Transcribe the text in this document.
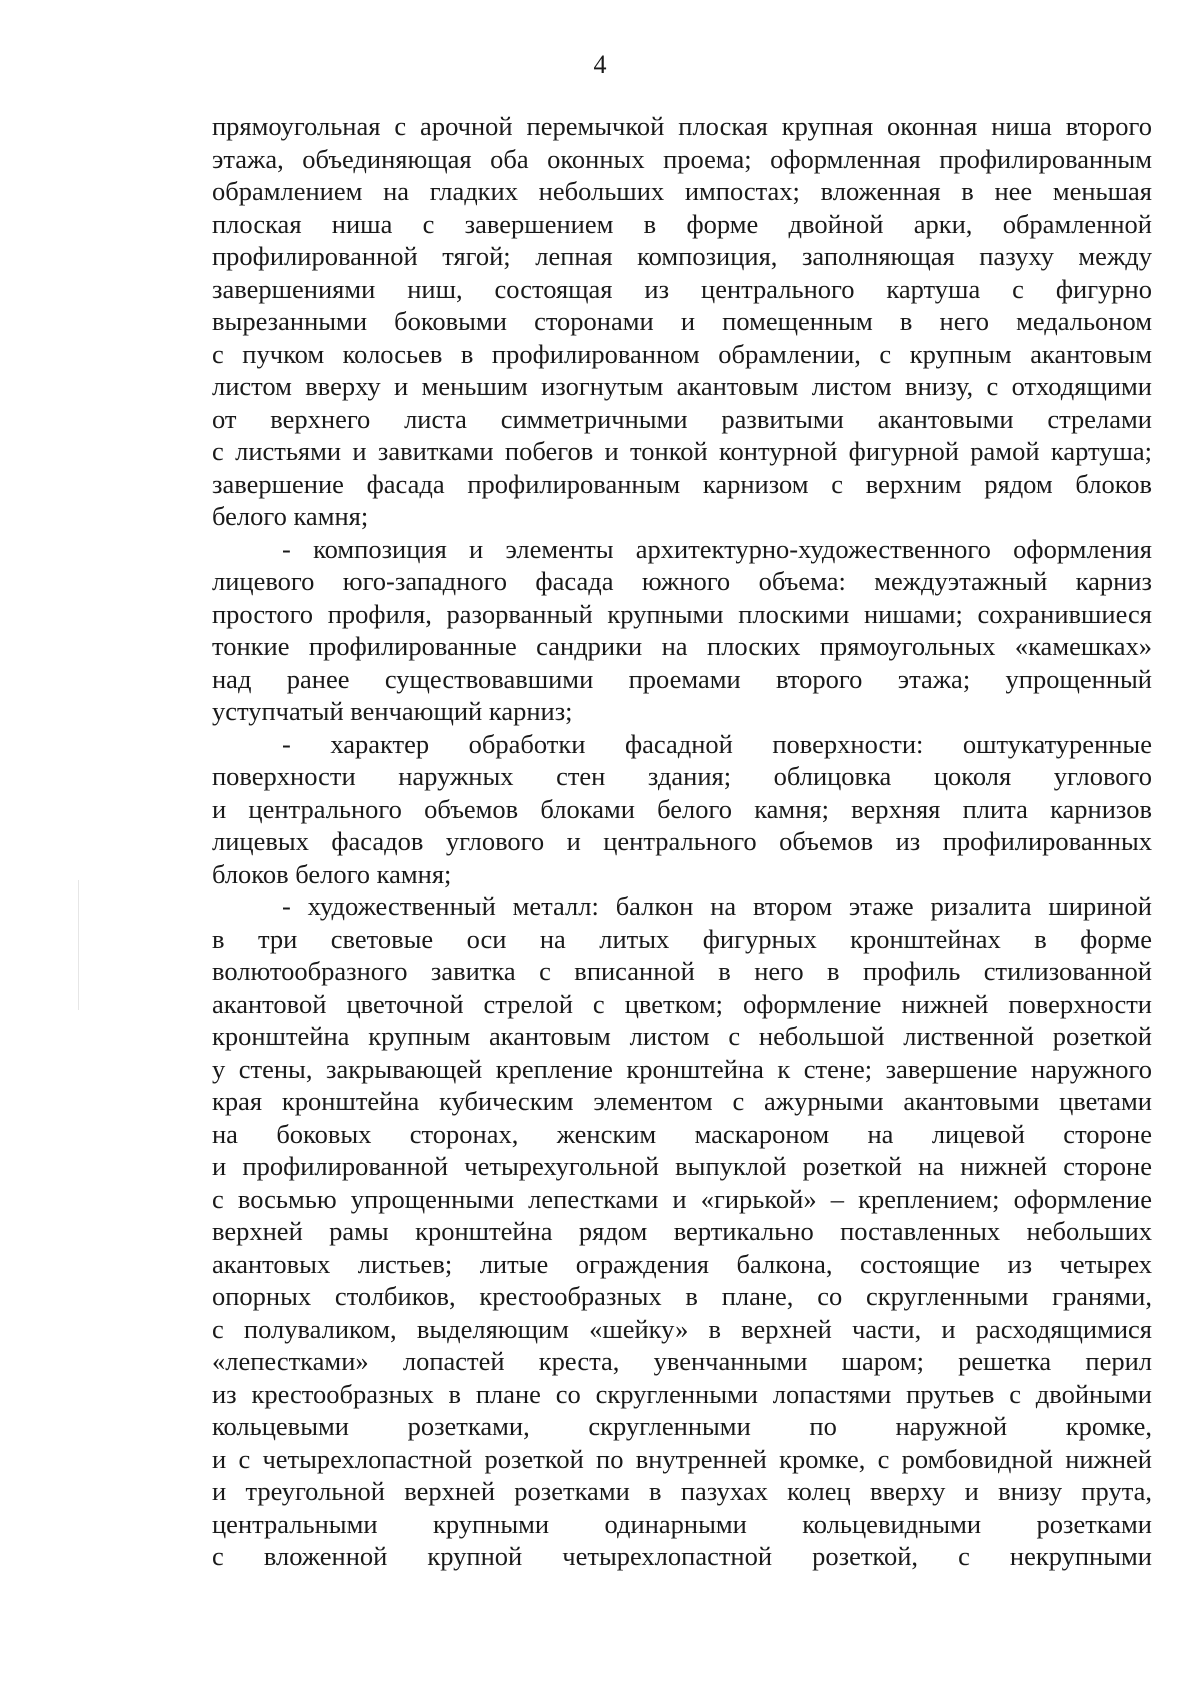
4
прямоугольная с арочной перемычкой плоская крупная оконная ниша второго
этажа, объединяющая оба оконных проема; оформленная профилированным
обрамлением на гладких небольших импостах; вложенная в нее меньшая
плоская ниша с завершением в форме двойной арки, обрамленной
профилированной тягой; лепная композиция, заполняющая пазуху между
завершениями ниш, состоящая из центрального картуша с фигурно
вырезанными боковыми сторонами и помещенным в него медальоном
с пучком колосьев в профилированном обрамлении, с крупным акантовым
листом вверху и меньшим изогнутым акантовым листом внизу, с отходящими
от верхнего листа симметричными развитыми акантовыми стрелами
с листьями и завитками побегов и тонкой контурной фигурной рамой картуша;
завершение фасада профилированным карнизом с верхним рядом блоков
белого камня;
- композиция и элементы архитектурно-художественного оформления
лицевого юго-западного фасада южного объема: междуэтажный карниз
простого профиля, разорванный крупными плоскими нишами; сохранившиеся
тонкие профилированные сандрики на плоских прямоугольных «камешках»
над ранее существовавшими проемами второго этажа; упрощенный
уступчатый венчающий карниз;
- характер обработки фасадной поверхности: оштукатуренные
поверхности наружных стен здания; облицовка цоколя углового
и центрального объемов блоками белого камня; верхняя плита карнизов
лицевых фасадов углового и центрального объемов из профилированных
блоков белого камня;
- художественный металл: балкон на втором этаже ризалита шириной
в три световые оси на литых фигурных кронштейнах в форме
волютообразного завитка с вписанной в него в профиль стилизованной
акантовой цветочной стрелой с цветком; оформление нижней поверхности
кронштейна крупным акантовым листом с небольшой лиственной розеткой
у стены, закрывающей крепление кронштейна к стене; завершение наружного
края кронштейна кубическим элементом с ажурными акантовыми цветами
на боковых сторонах, женским маскароном на лицевой стороне
и профилированной четырехугольной выпуклой розеткой на нижней стороне
с восьмью упрощенными лепестками и «гирькой» – креплением; оформление
верхней рамы кронштейна рядом вертикально поставленных небольших
акантовых листьев; литые ограждения балкона, состоящие из четырех
опорных столбиков, крестообразных в плане, со скругленными гранями,
с полуваликом, выделяющим «шейку» в верхней части, и расходящимися
«лепестками» лопастей креста, увенчанными шаром; решетка перил
из крестообразных в плане со скругленными лопастями прутьев с двойными
кольцевыми розетками, скругленными по наружной кромке,
и с четырехлопастной розеткой по внутренней кромке, с ромбовидной нижней
и треугольной верхней розетками в пазухах колец вверху и внизу прута,
центральными крупными одинарными кольцевидными розетками
с вложенной крупной четырехлопастной розеткой, с некрупными
